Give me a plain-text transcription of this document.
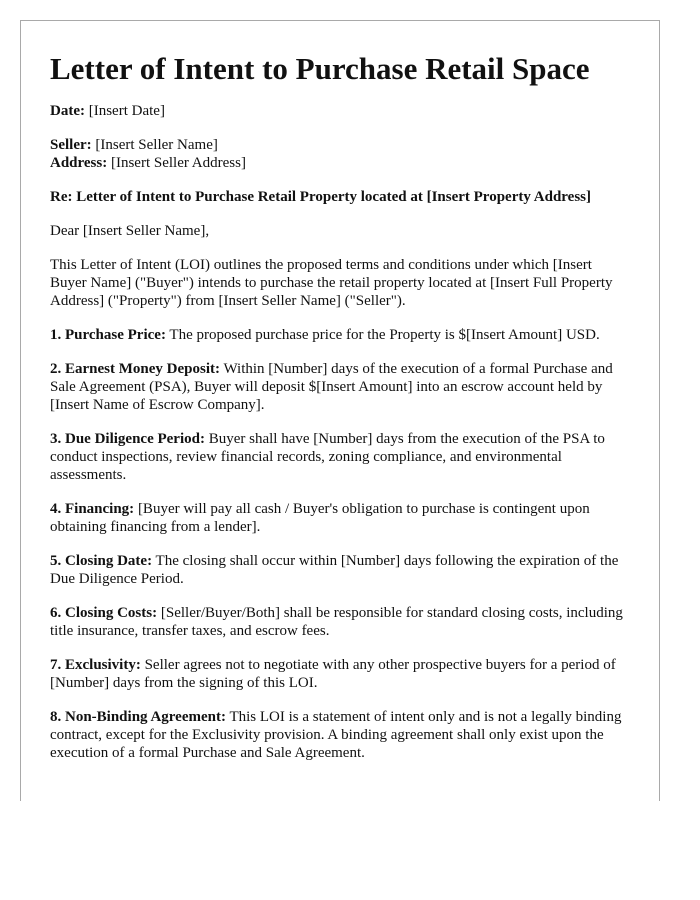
Letter of Intent to Purchase Retail Space

Date: [Insert Date]

Seller: [Insert Seller Name]

Address: [Insert Seller Address]

Re: Letter of Intent to Purchase Retail Property located at [Insert Property Address]

Dear [Insert Seller Name],

This Letter of Intent (LOI) outlines the proposed terms and conditions under which [Insert Buyer Name] ("Buyer") intends to purchase the retail property located at [Insert Full Property Address] ("Property") from [Insert Seller Name] ("Seller").

1. Purchase Price: The proposed purchase price for the Property is $[Insert Amount] USD.

2. Earnest Money Deposit: Within [Number] days of the execution of a formal Purchase and Sale Agreement (PSA), Buyer will deposit $[Insert Amount] into an escrow account held by [Insert Name of Escrow Company].

3. Due Diligence Period: Buyer shall have [Number] days from the execution of the PSA to conduct inspections, review financial records, zoning compliance, and environmental assessments.

4. Financing: [Buyer will pay all cash / Buyer's obligation to purchase is contingent upon obtaining financing from a lender].

5. Closing Date: The closing shall occur within [Number] days following the expiration of the Due Diligence Period.

6. Closing Costs: [Seller/Buyer/Both] shall be responsible for standard closing costs, including title insurance, transfer taxes, and escrow fees.

7. Exclusivity: Seller agrees not to negotiate with any other prospective buyers for a period of [Number] days from the signing of this LOI.

8. Non-Binding Agreement: This LOI is a statement of intent only and is not a legally binding contract, except for the Exclusivity provision. A binding agreement shall only exist upon the execution of a formal Purchase and Sale Agreement.
